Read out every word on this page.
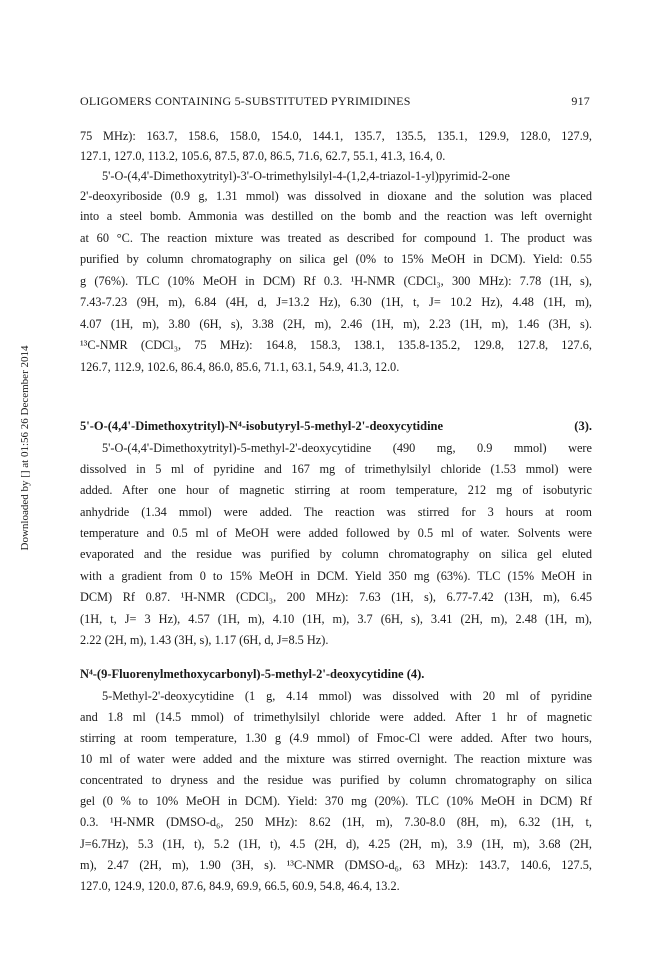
OLIGOMERS CONTAINING 5-SUBSTITUTED PYRIMIDINES	917
Downloaded by [] at 01:56 26 December 2014
75 MHz): 163.7, 158.6, 158.0, 154.0, 144.1, 135.7, 135.5, 135.1, 129.9, 128.0, 127.9,
127.1, 127.0, 113.2, 105.6, 87.5, 87.0, 86.5, 71.6, 62.7, 55.1, 41.3, 16.4, 0.
5'-O-(4,4'-Dimethoxytrityl)-3'-O-trimethylsilyl-4-(1,2,4-triazol-1-yl)pyrimid-2-one
2'-deoxyriboside (0.9 g, 1.31 mmol) was dissolved in dioxane and the solution was placed
into a steel bomb. Ammonia was destilled on the bomb and the reaction was left overnight
at 60 °C. The reaction mixture was treated as described for compound 1. The product was
purified by column chromatography on silica gel (0% to 15% MeOH in DCM). Yield: 0.55
g (76%). TLC (10% MeOH in DCM) Rf 0.3. ¹H-NMR (CDCl₃, 300 MHz): 7.78 (1H, s),
7.43-7.23 (9H, m), 6.84 (4H, d, J=13.2 Hz), 6.30 (1H, t, J= 10.2 Hz), 4.48 (1H, m),
4.07 (1H, m), 3.80 (6H, s), 3.38 (2H, m), 2.46 (1H, m), 2.23 (1H, m), 1.46 (3H, s).
¹³C-NMR (CDCl₃, 75 MHz): 164.8, 158.3, 138.1, 135.8-135.2, 129.8, 127.8, 127.6,
126.7, 112.9, 102.6, 86.4, 86.0, 85.6, 71.1, 63.1, 54.9, 41.3, 12.0.
5'-O-(4,4'-Dimethoxytrityl)-N⁴-isobutyryl-5-methyl-2'-deoxycytidine (3).
5'-O-(4,4'-Dimethoxytrityl)-5-methyl-2'-deoxycytidine (490 mg, 0.9 mmol) were
dissolved in 5 ml of pyridine and 167 mg of trimethylsilyl chloride (1.53 mmol) were
added. After one hour of magnetic stirring at room temperature, 212 mg of isobutyric
anhydride (1.34 mmol) were added. The reaction was stirred for 3 hours at room
temperature and 0.5 ml of MeOH were added followed by 0.5 ml of water. Solvents were
evaporated and the residue was purified by column chromatography on silica gel eluted
with a gradient from 0 to 15% MeOH in DCM. Yield 350 mg (63%). TLC (15% MeOH in
DCM) Rf 0.87. ¹H-NMR (CDCl₃, 200 MHz): 7.63 (1H, s), 6.77-7.42 (13H, m), 6.45
(1H, t, J= 3 Hz), 4.57 (1H, m), 4.10 (1H, m), 3.7 (6H, s), 3.41 (2H, m), 2.48 (1H, m),
2.22 (2H, m), 1.43 (3H, s), 1.17 (6H, d, J=8.5 Hz).
N⁴-(9-Fluorenylmethoxycarbonyl)-5-methyl-2'-deoxycytidine (4).
5-Methyl-2'-deoxycytidine (1 g, 4.14 mmol) was dissolved with 20 ml of pyridine
and 1.8 ml (14.5 mmol) of trimethylsilyl chloride were added. After 1 hr of magnetic
stirring at room temperature, 1.30 g (4.9 mmol) of Fmoc-Cl were added. After two hours,
10 ml of water were added and the mixture was stirred overnight. The reaction mixture was
concentrated to dryness and the residue was purified by column chromatography on silica
gel (0 % to 10% MeOH in DCM). Yield: 370 mg (20%). TLC (10% MeOH in DCM) Rf
0.3. ¹H-NMR (DMSO-d₆, 250 MHz): 8.62 (1H, m), 7.30-8.0 (8H, m), 6.32 (1H, t,
J=6.7Hz), 5.3 (1H, t), 5.2 (1H, t), 4.5 (2H, d), 4.25 (2H, m), 3.9 (1H, m), 3.68 (2H,
m), 2.47 (2H, m), 1.90 (3H, s). ¹³C-NMR (DMSO-d₆, 63 MHz): 143.7, 140.6, 127.5,
127.0, 124.9, 120.0, 87.6, 84.9, 69.9, 66.5, 60.9, 54.8, 46.4, 13.2.
